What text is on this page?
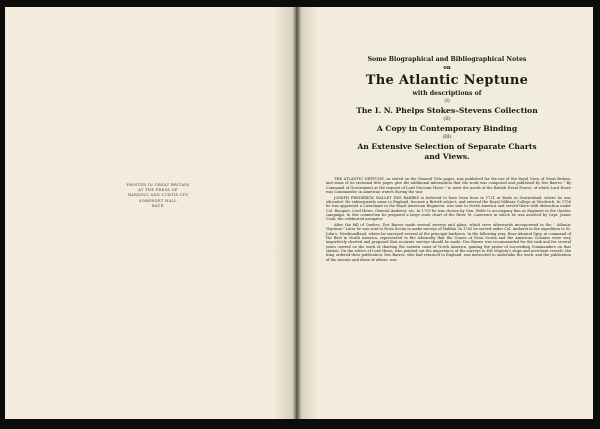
PRINTED IN GREAT BRITAIN
AT THE PRESS OF
HARDING AND CURTIS LTD
SOMERSET HALL
BATH
Some Biographical and Bibliographical Notes
on
The Atlantic Neptune
with descriptions of
(I)
The I. N. Phelps Stokes–Stevens Collection
(II)
A Copy in Contemporary Binding
(III)
An Extensive Selection of Separate Charts
and Views.

THE ATLANTIC NEPTUNE, as stated on the General Title pages, was published for the use of the Royal Navy of Great Britain, and some of its sectional title pages give the additional information that the work was composed and published by Des Barres " By Command of Government at the request of Lord Viscount Howe " to meet the needs of the British Naval Forces, of which Lord Howe was Commander, in American waters during the war.

JOSEPH FREDERICK WALLET DES BARRES is believed to have been born in 1721 at Basle in Switzerland, where he was educated. He subsequently came to England, became a British subject, and entered the Royal Military College at Woolwich. In 1756 he was appointed a Lieutenant in the Royal American Regiment, was sent to North America and served there with distinction under Col. Bouquet, Lord Howe, General Amherst, etc. In 1759 he was chosen by Gen. Wolfe to accompany him as Engineer in the Quebec campaign. In this connection he prepared a large scale chart of the River St. Lawrence in which he was assisted by Capt. James Cook, the celebrated navigator.

After the fall of Quebec, Des Barres made several surveys and plans, which were afterwards incorporated in the " Atlantic Neptune." Later he was sent to Nova Scotia to make surveys of Halifax. In 1762 he served under Col. Amherst in the expedition to St. John's, Newfoundland, where he surveyed several of the principal harbours. In the following year, Rear-Admiral Spry, in command of the fleet in North America, represented to the Admiralty that the Coasts of Nova Scotia and the American Colonies were very imperfectly charted and proposed that accurate surveys should be made. Des Barres was recommended for the task and for several years carried on the work of charting the eastern coast of North America, gaining the praise of succeeding Commanders on that station. On the advice of Lord Howe, who pointed out the importance of the surveys to His Majesty's ships and merchant vessels, the King ordered their publication. Des Barres, who had returned to England, was instructed to undertake the work, and the publication of his surveys and those of others, was
